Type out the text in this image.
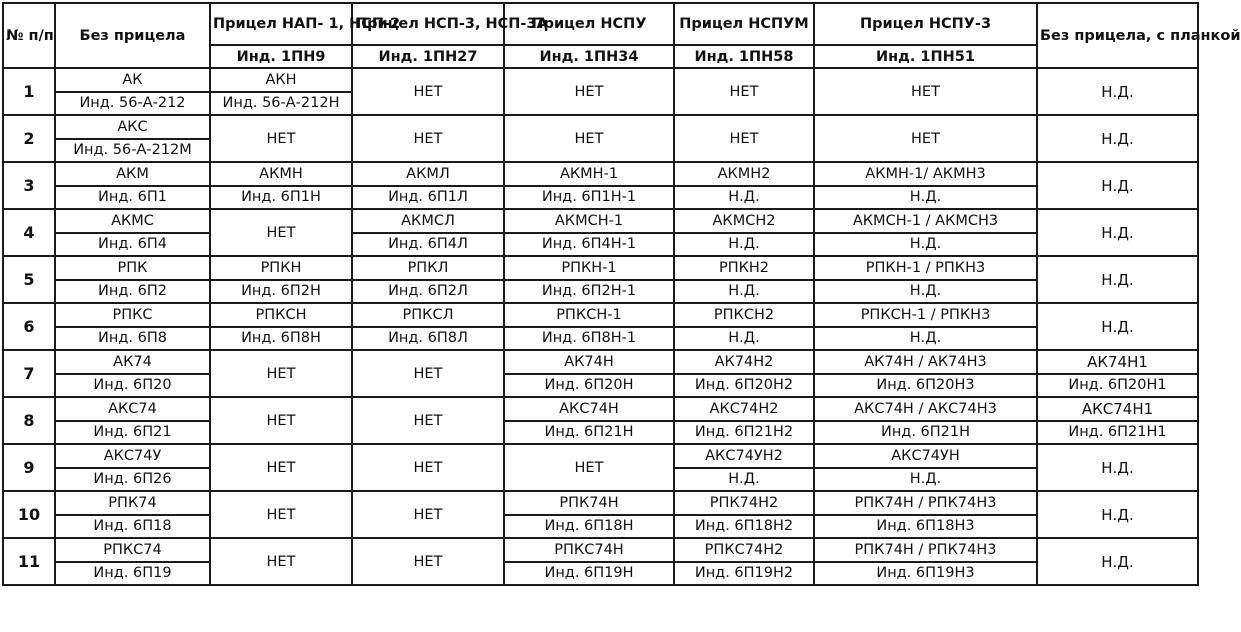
№ п/п	Без прицела	Прицел НАП- 1, НСП-2	Прицел НСП-3, НСП-3А	Прицел НСПУ	Прицел НСПУМ	Прицел НСПУ-3	Без прицела, с планкой
		Инд. 1ПН9	Инд. 1ПН27	Инд. 1ПН34	Инд. 1ПН58	Инд. 1ПН51	
1	АК	АКН	НЕТ	НЕТ	НЕТ	НЕТ	Н.Д.
	Инд. 56-А-212	Инд. 56-А-212Н					
2	АКС	НЕТ	НЕТ	НЕТ	НЕТ	НЕТ	Н.Д.
	Инд. 56-А-212М						
3	АКМ	АКМН	АКМЛ	АКМН-1	АКМН2	АКМН-1/ АКМН3	Н.Д.
	Инд. 6П1	Инд. 6П1Н	Инд. 6П1Л	Инд. 6П1Н-1	Н.Д.	Н.Д.	
4	АКМС	НЕТ	АКМСЛ	АКМСН-1	АКМСН2	АКМСН-1 / АКМСН3	Н.Д.
	Инд. 6П4		Инд. 6П4Л	Инд. 6П4Н-1	Н.Д.	Н.Д.	
5	РПК	РПКН	РПКЛ	РПКН-1	РПКН2	РПКН-1 / РПКН3	Н.Д.
	Инд. 6П2	Инд. 6П2Н	Инд. 6П2Л	Инд. 6П2Н-1	Н.Д.	Н.Д.	
6	РПКС	РПКСН	РПКСЛ	РПКСН-1	РПКСН2	РПКСН-1 / РПКН3	Н.Д.
	Инд. 6П8	Инд. 6П8Н	Инд. 6П8Л	Инд. 6П8Н-1	Н.Д.	Н.Д.	
7	АК74	НЕТ	НЕТ	АК74Н	АК74Н2	АК74Н / АК74Н3	АК74Н1
	Инд. 6П20			Инд. 6П20Н	Инд. 6П20Н2	Инд. 6П20Н3	Инд. 6П20Н1
8	АКС74	НЕТ	НЕТ	АКС74Н	АКС74Н2	АКС74Н / АКС74Н3	АКС74Н1
	Инд. 6П21			Инд. 6П21Н	Инд. 6П21Н2	Инд. 6П21Н	Инд. 6П21Н1
9	АКС74У	НЕТ	НЕТ	НЕТ	АКС74УН2	АКС74УН	Н.Д.
	Инд. 6П26				Н.Д.	Н.Д.	
10	РПК74	НЕТ	НЕТ	РПК74Н	РПК74Н2	РПК74Н / РПК74Н3	Н.Д.
	Инд. 6П18			Инд. 6П18Н	Инд. 6П18Н2	Инд. 6П18Н3	
11	РПКС74	НЕТ	НЕТ	РПКС74Н	РПКС74Н2	РПК74Н / РПК74Н3	Н.Д.
	Инд. 6П19			Инд. 6П19Н	Инд. 6П19Н2	Инд. 6П19Н3	
